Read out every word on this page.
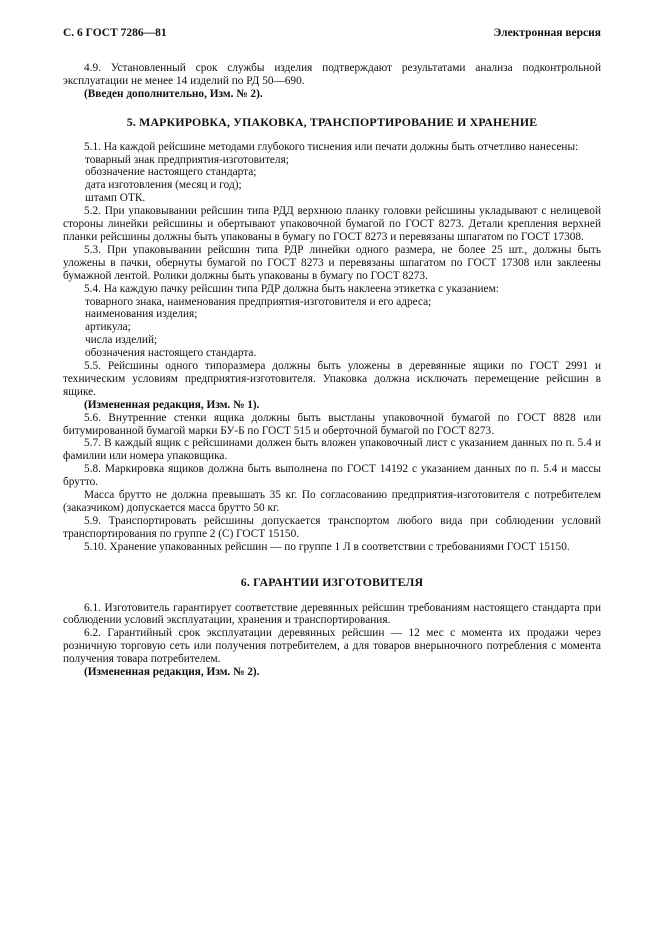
С. 6 ГОСТ 7286—81	Электронная версия

4.9. Установленный срок службы изделия подтверждают результатами анализа подконтрольной эксплуатации не менее 14 изделий по РД 50—690.

(Введен дополнительно, Изм. № 2).

5. МАРКИРОВКА, УПАКОВКА, ТРАНСПОРТИРОВАНИЕ И ХРАНЕНИЕ

5.1. На каждой рейсшине методами глубокого тиснения или печати должны быть отчетливо нанесены:

товарный знак предприятия-изготовителя;

обозначение настоящего стандарта;

дата изготовления (месяц и год);

штамп ОТК.

5.2. При упаковывании рейсшин типа РДД верхнюю планку головки рейсшины укладывают с нелицевой стороны линейки рейсшины и обертывают упаковочной бумагой по ГОСТ 8273. Детали крепления верхней планки рейсшины должны быть упакованы в бумагу по ГОСТ 8273 и перевязаны шпагатом по ГОСТ 17308.

5.3. При упаковывании рейсшин типа РДР линейки одного размера, не более 25 шт., должны быть уложены в пачки, обернуты бумагой по ГОСТ 8273 и перевязаны шпагатом по ГОСТ 17308 или заклеены бумажной лентой. Ролики должны быть упакованы в бумагу по ГОСТ 8273.

5.4. На каждую пачку рейсшин типа РДР должна быть наклеена этикетка с указанием:

товарного знака, наименования предприятия-изготовителя и его адреса;

наименования изделия;

артикула;

числа изделий;

обозначения настоящего стандарта.

5.5. Рейсшины одного типоразмера должны быть уложены в деревянные ящики по ГОСТ 2991 и техническим условиям предприятия-изготовителя. Упаковка должна исключать перемещение рейсшин в ящике.

(Измененная редакция, Изм. № 1).

5.6. Внутренние стенки ящика должны быть выстланы упаковочной бумагой по ГОСТ 8828 или битумированной бумагой марки БУ-Б по ГОСТ 515 и оберточной бумагой по ГОСТ 8273.

5.7. В каждый ящик с рейсшинами должен быть вложен упаковочный лист с указанием данных по п. 5.4 и фамилии или номера упаковщика.

5.8. Маркировка ящиков должна быть выполнена по ГОСТ 14192 с указанием данных по п. 5.4 и массы брутто.

Масса брутто не должна превышать 35 кг. По согласованию предприятия-изготовителя с потребителем (заказчиком) допускается масса брутто 50 кг.

5.9. Транспортировать рейсшины допускается транспортом любого вида при соблюдении условий транспортирования по группе 2 (С) ГОСТ 15150.

5.10. Хранение упакованных рейсшин — по группе 1 Л в соответствии с требованиями ГОСТ 15150.

6. ГАРАНТИИ ИЗГОТОВИТЕЛЯ

6.1. Изготовитель гарантирует соответствие деревянных рейсшин требованиям настоящего стандарта при соблюдении условий эксплуатации, хранения и транспортирования.

6.2. Гарантийный срок эксплуатации деревянных рейсшин — 12 мес с момента их продажи через розничную торговую сеть или получения потребителем, а для товаров внерыночного потребления с момента получения товара потребителем.

(Измененная редакция, Изм. № 2).
